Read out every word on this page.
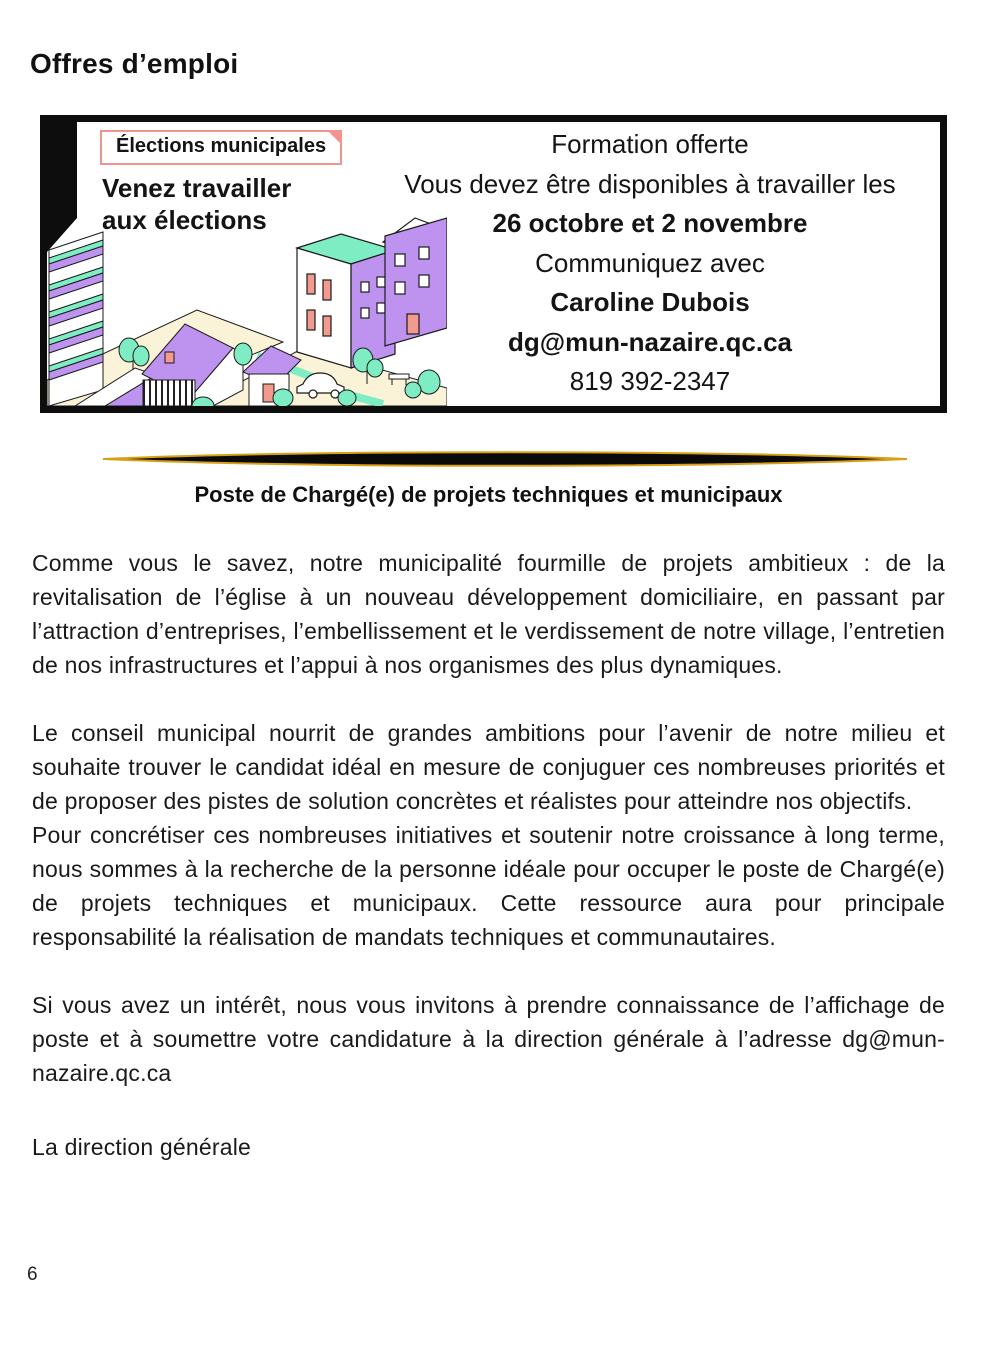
Offres d’emploi
Élections municipales
Venez travailler
aux élections
Formation offerte
Vous devez être disponibles à travailler les
26 octobre et 2 novembre
Communiquez avec
Caroline Dubois
dg@mun-nazaire.qc.ca
819 392-2347
Poste de Chargé(e) de projets techniques et municipaux

Comme vous le savez, notre municipalité fourmille de projets ambitieux : de la revitalisation de l’église à un nouveau développement domiciliaire, en passant par l’attraction d’entreprises, l’embellissement et le verdissement de notre village, l’entretien de nos infrastructures et l’appui à nos organismes des plus dynamiques.

Le conseil municipal nourrit de grandes ambitions pour l’avenir de notre milieu et souhaite trouver le candidat idéal en mesure de conjuguer ces nombreuses priorités et de proposer des pistes de solution concrètes et réalistes pour atteindre nos objectifs.

Pour concrétiser ces nombreuses initiatives et soutenir notre croissance à long terme, nous sommes à la recherche de la personne idéale pour occuper le poste de Chargé(e) de projets techniques et municipaux. Cette ressource aura pour principale responsabilité la réalisation de mandats techniques et communautaires.

Si vous avez un intérêt, nous vous invitons à prendre connaissance de l’affichage de poste et à soumettre votre candidature à la direction générale à l’adresse dg@mun-nazaire.qc.ca

La direction générale

6
